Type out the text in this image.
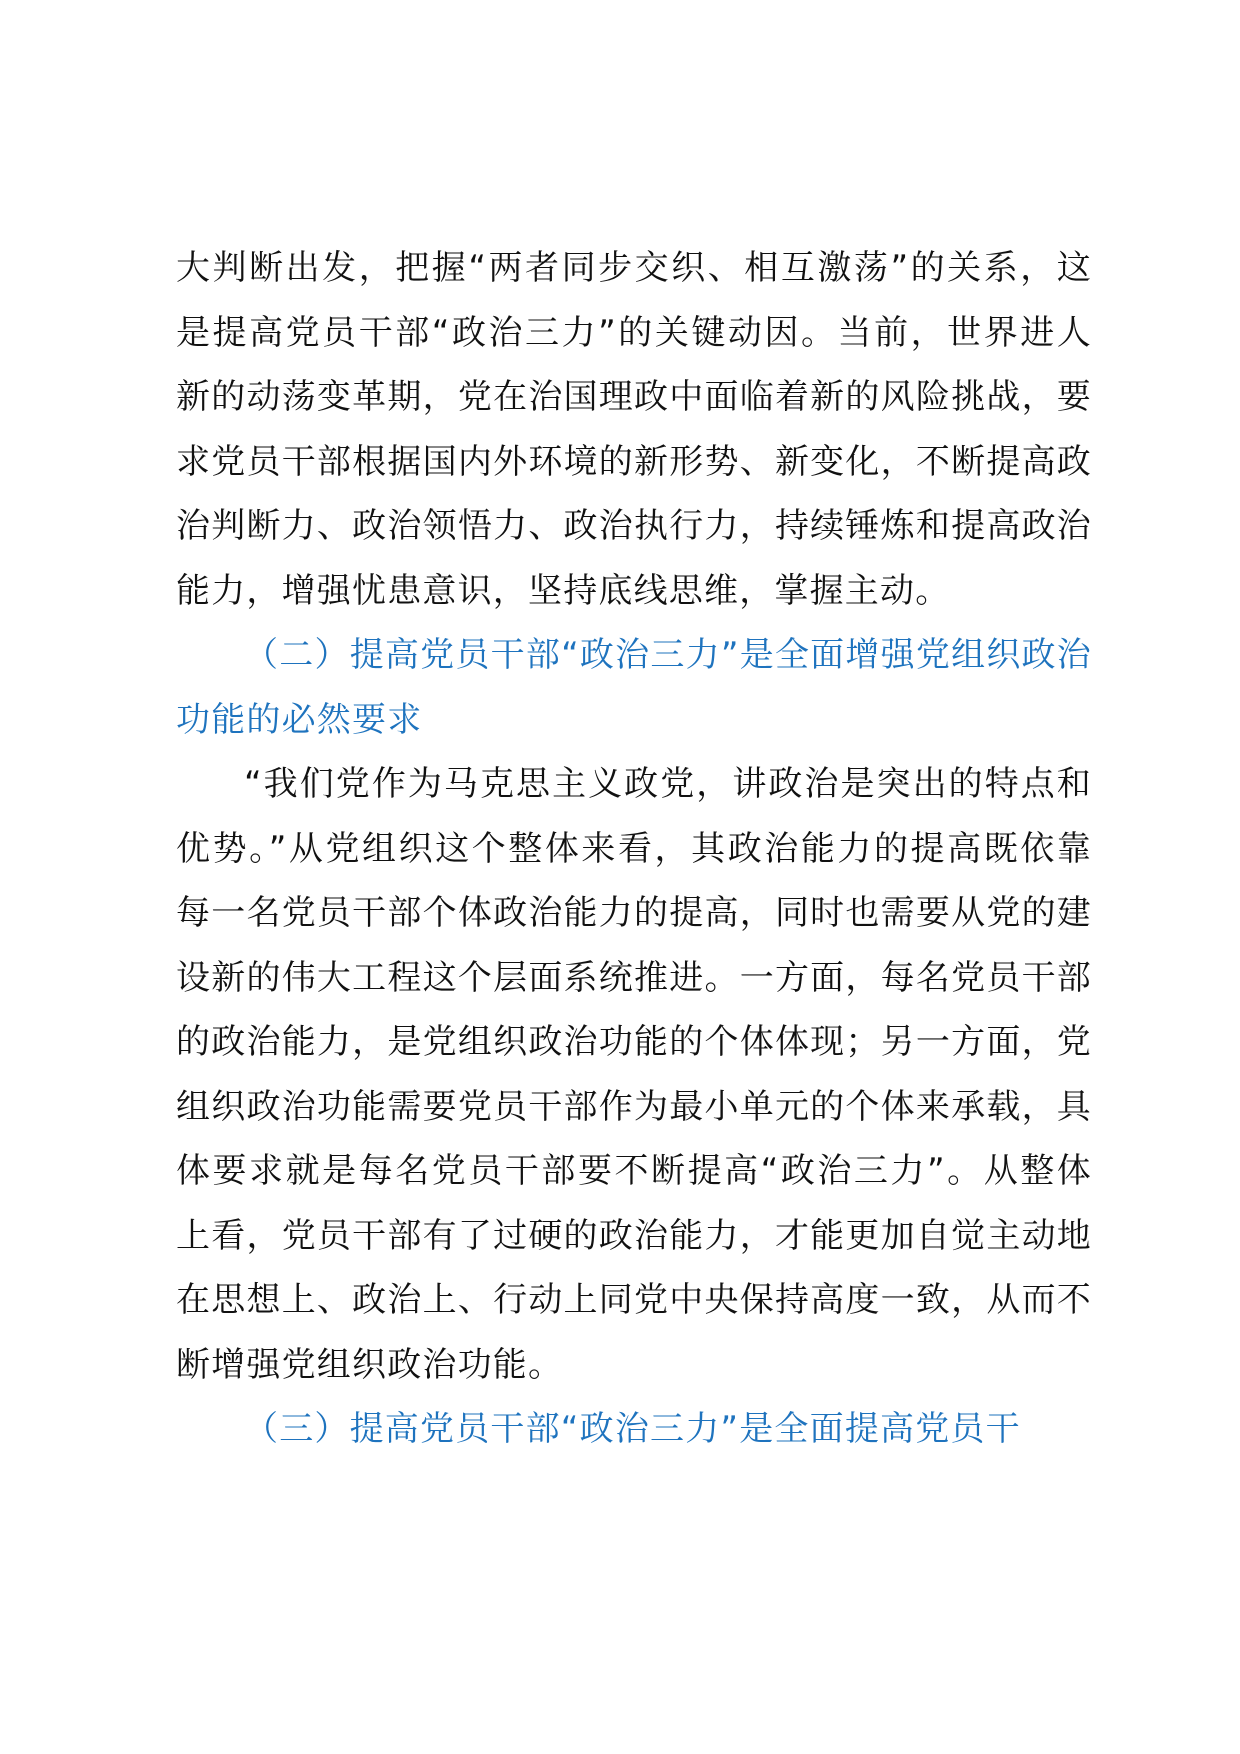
大判断出发，把握“两者同步交织、相互激荡”的关系，这是提高党员干部“政治三力”的关键动因。当前，世界进人新的动荡变革期，党在治国理政中面临着新的风险挑战，要求党员干部根据国内外环境的新形势、新变化，不断提高政治判断力、政治领悟力、政治执行力，持续锤炼和提高政治能力，增强忧患意识，坚持底线思维，掌握主动。

（二）提高党员干部“政治三力”是全面增强党组织政治功能的必然要求

“我们党作为马克思主义政党，讲政治是突出的特点和优势。”从党组织这个整体来看，其政治能力的提高既依靠每一名党员干部个体政治能力的提高，同时也需要从党的建设新的伟大工程这个层面系统推进。一方面，每名党员干部的政治能力，是党组织政治功能的个体体现；另一方面，党组织政治功能需要党员干部作为最小单元的个体来承载，具体要求就是每名党员干部要不断提高“政治三力”。从整体上看，党员干部有了过硬的政治能力，才能更加自觉主动地在思想上、政治上、行动上同党中央保持高度一致，从而不断增强党组织政治功能。

（三）提高党员干部“政治三力”是全面提高党员干
